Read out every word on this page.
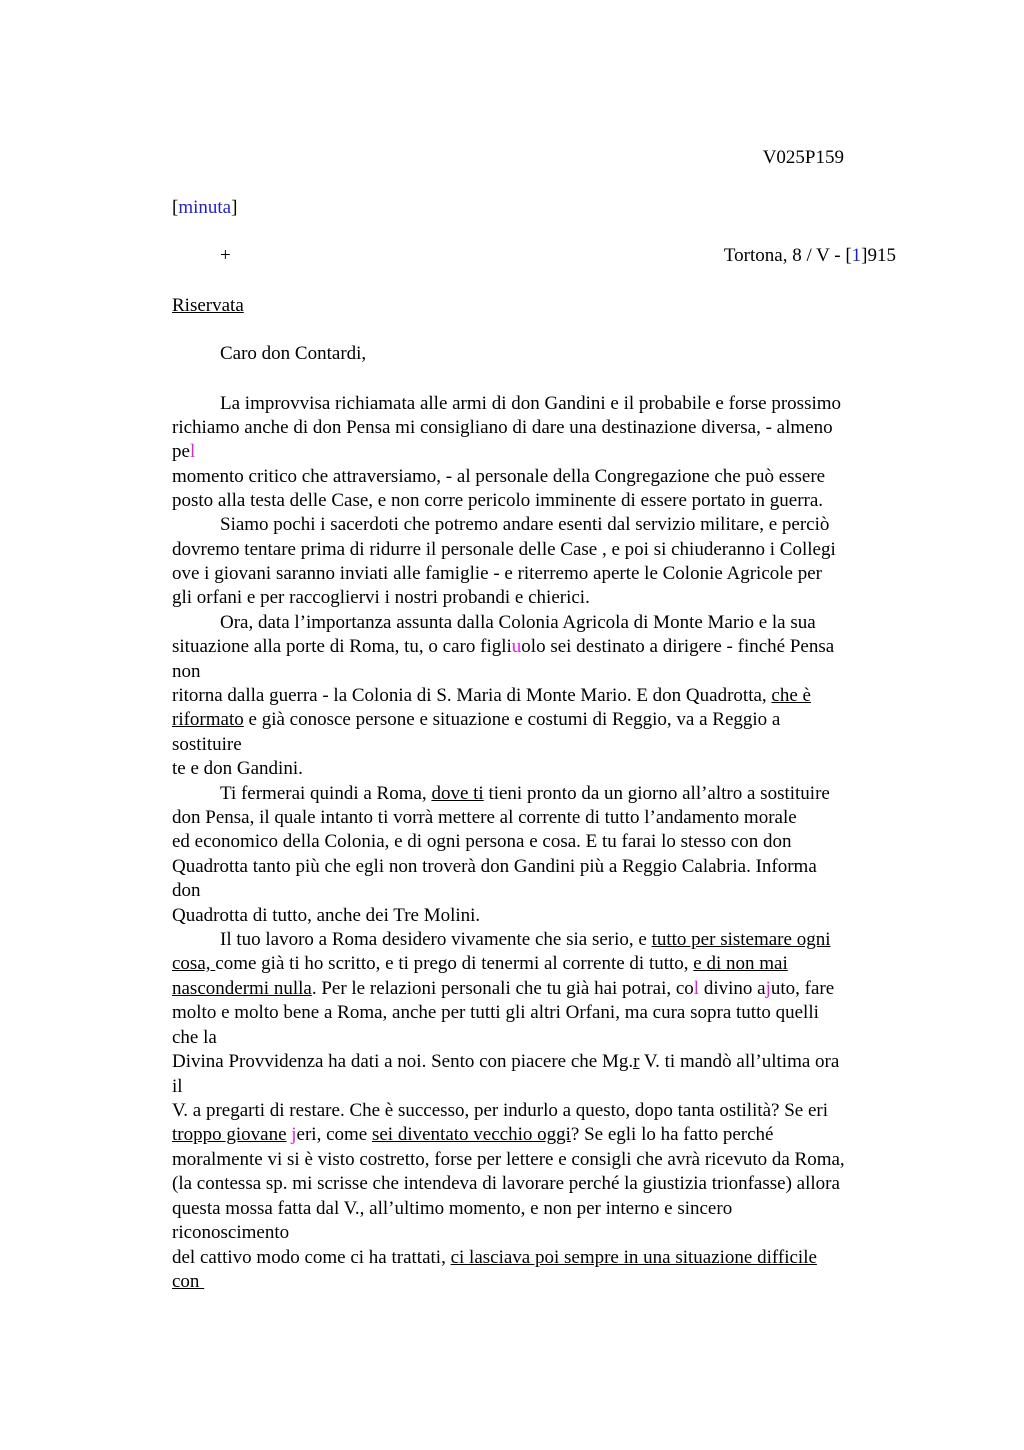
V025P159
[minuta]
+	Tortona, 8 / V - [1]915
Riservata
Caro don Contardi,
La improvvisa richiamata alle armi di don Gandini e il probabile e forse prossimo
richiamo anche di don Pensa mi consigliano di dare una destinazione diversa, - almeno
pel
momento critico che attraversiamo, - al personale della Congregazione che può essere
posto alla testa delle Case, e non corre pericolo imminente di essere portato in guerra.
Siamo pochi i sacerdoti che potremo andare esenti dal servizio militare, e perciò
dovremo tentare prima di ridurre il personale delle Case , e poi si chiuderanno i Collegi
ove i giovani saranno inviati alle famiglie - e riterremo aperte le Colonie Agricole per
gli orfani e per raccogliervi i nostri probandi e chierici.
Ora, data l’importanza assunta dalla Colonia Agricola di Monte Mario e la sua
situazione alla porte di Roma, tu, o caro figliuolo sei destinato a dirigere - finché Pensa
non
ritorna dalla guerra - la Colonia di S. Maria di Monte Mario. E don Quadrotta, che è
riformato e già conosce persone e situazione e costumi di Reggio, va a Reggio a
sostituire
te e don Gandini.
Ti fermerai quindi a Roma, dove ti tieni pronto da un giorno all’altro a sostituire
don Pensa, il quale intanto ti vorrà mettere al corrente di tutto l’andamento morale
ed economico della Colonia, e di ogni persona e cosa. E tu farai lo stesso con don
Quadrotta tanto più che egli non troverà don Gandini più a Reggio Calabria. Informa
don
Quadrotta di tutto, anche dei Tre Molini.
Il tuo lavoro a Roma desidero vivamente che sia serio, e tutto per sistemare ogni
cosa, come già ti ho scritto, e ti prego di tenermi al corrente di tutto, e di non mai
nascondermi nulla. Per le relazioni personali che tu già hai potrai, col divino ajuto, fare
molto e molto bene a Roma, anche per tutti gli altri Orfani, ma cura sopra tutto quelli
che la
Divina Provvidenza ha dati a noi. Sento con piacere che Mg.r V. ti mandò all’ultima ora
il
V. a pregarti di restare. Che è successo, per indurlo a questo, dopo tanta ostilità? Se eri
troppo giovane jeri, come sei diventato vecchio oggi? Se egli lo ha fatto perché
moralmente vi si è visto costretto, forse per lettere e consigli che avrà ricevuto da Roma,
(la contessa sp. mi scrisse che intendeva di lavorare perché la giustizia trionfasse) allora
questa mossa fatta dal V., all’ultimo momento, e non per interno e sincero
riconoscimento
del cattivo modo come ci ha trattati, ci lasciava poi sempre in una situazione difficile
con
